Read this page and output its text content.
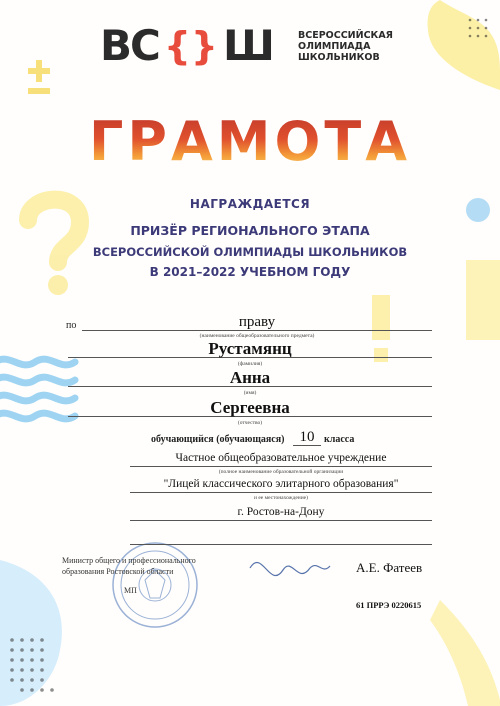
ВС {} Ш ВСЕРОССИЙСКАЯ ОЛИМПИАДА ШКОЛЬНИКОВ
ГРАМОТА
НАГРАЖДАЕТСЯ
ПРИЗЁР РЕГИОНАЛЬНОГО ЭТАПА
ВСЕРОССИЙСКОЙ ОЛИМПИАДЫ ШКОЛЬНИКОВ
В 2021–2022 УЧЕБНОМ ГОДУ
по	праву
(наименование общеобразовательного предмета)
Рустамянц
(фамилия)
Анна
(имя)
Сергеевна
(отчество)
обучающийся (обучающаяся)	10 класса
Частное общеобразовательное учреждение
(полное наименование образовательной организации
"Лицей классического элитарного образования"
и ее местонахождение)
г. Ростов-на-Дону
Министр общего и профессионального образования Ростовской области
МП
А.Е. Фатеев
61 ПРРЭ 0220615
